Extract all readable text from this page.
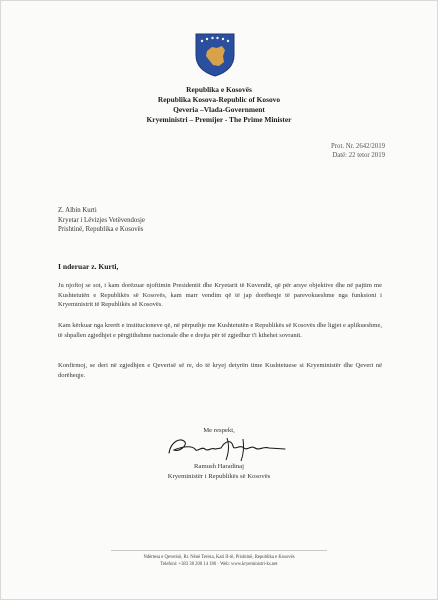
Republika e Kosovës
Republika Kosova-Republic of Kosovo
Qeveria –Vlada-Government
Kryeministri – Premijer - The Prime Minister
Prot. Nr. 2642/2019
Datë: 22 tetor 2019
Z. Albin Kurti
Kryetar i Lëvizjes Vetëvendosje
Prishtinë, Republika e Kosovës
I nderuar z. Kurti,
Ju njoftoj se sot, i kam dorëzuar njoftimin Presidentit dhe Kryetarit të Kuvendit, që për arsye objektive dhe në pajtim me Kushtetutën e Republikës së Kosovës, kam marr vendim që të jap dorëheqje të parevokueshme nga funksioni i Kryeministrit të Republikës së Kosovës.
Kam kërkuar nga krerët e institucioneve që, në përputhje me Kushtetutën e Republikës së Kosovës dhe ligjet e aplikueshme, të shpallen zgjedhjet e përgjithshme nacionale dhe e drejta për të zgjedhur t'i kthehet sovranit.
Konfirmoj, se deri në zgjedhjen e Qeverisë së re, do të kryej detyrën time Kushtetuese si Kryeministër dhe Qeveri në dorëheqje.
Me respekt,
Ramush Haradinaj
Kryeministër i Republikës së Kosovës
Ndërtesa e Qeverisë, Rr. Nënë Tereza, Kati II-të, Prishtinë, Republika e Kosovës
Telefoni: +383 38 200 14 186 · Web: www.kryeministri-ks.net
